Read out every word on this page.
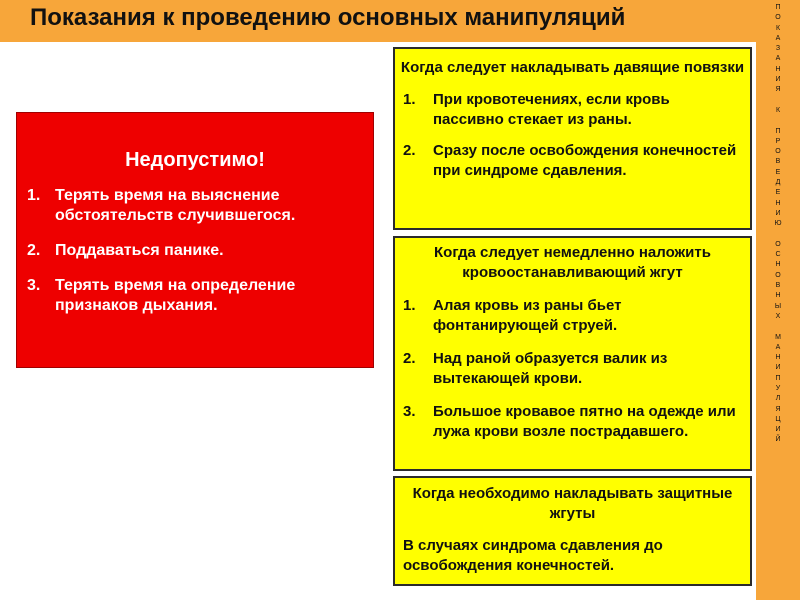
Показания к проведению основных манипуляций	П
О
К
А
З
А
Н
И
Я
К
П
Р
О
В
Е
Д
Е
Н
И
Ю
О
С
Н
О
В
Н
Ы
Х
М
А
Н
И
П
У
Л
Я
Ц
И
Й
Недопустимо!
1. Терять время на выяснение обстоятельств случившегося.
2. Поддаваться панике.
3. Терять время на определение признаков дыхания.
Когда следует накладывать давящие повязки
1.	При кровотечениях, если кровь пассивно стекает из раны.
2.	Сразу после освобождения конечностей при синдроме сдавления.
Когда следует немедленно наложить кровоостанавливающий жгут
1.	Алая кровь из раны бьет фонтанирующей струей.
2.	Над раной образуется валик из вытекающей крови.
3.	Большое кровавое пятно на одежде или лужа крови возле пострадавшего.
Когда необходимо накладывать защитные жгуты
В случаях синдрома сдавления до освобождения конечностей.
